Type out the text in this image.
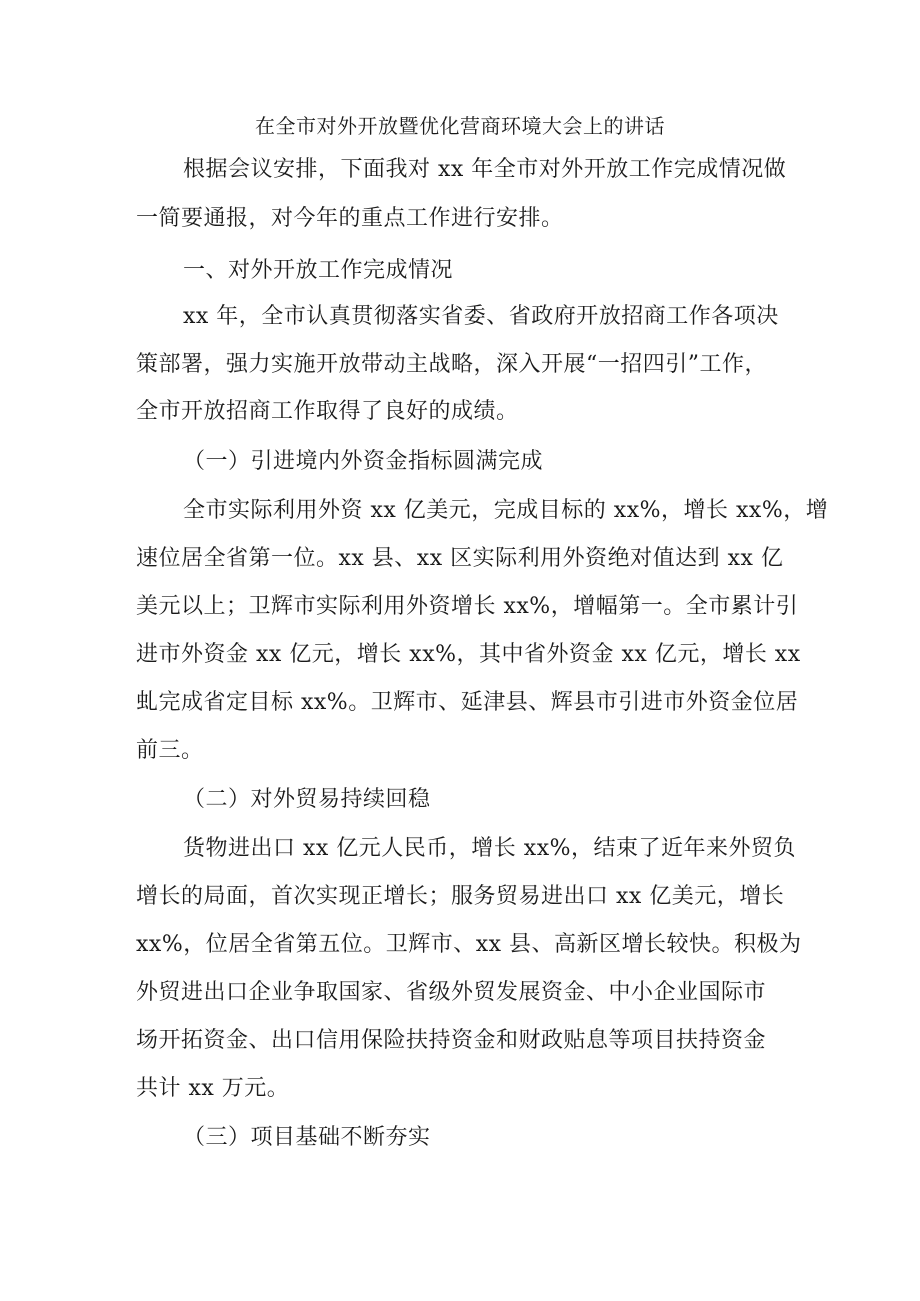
在全市对外开放暨优化营商环境大会上的讲话
根据会议安排，下面我对 xx 年全市对外开放工作完成情况做
一简要通报，对今年的重点工作进行安排。
一、对外开放工作完成情况
xx 年，全市认真贯彻落实省委、省政府开放招商工作各项决
策部署，强力实施开放带动主战略，深入开展“一招四引”工作，
全市开放招商工作取得了良好的成绩。
（一）引进境内外资金指标圆满完成
全市实际利用外资 xx 亿美元，完成目标的 xx%，增长 xx%，增
速位居全省第一位。xx 县、xx 区实际利用外资绝对值达到 xx 亿
美元以上；卫辉市实际利用外资增长 xx%，增幅第一。全市累计引
进市外资金 xx 亿元，增长 xx%，其中省外资金 xx 亿元，增长 xx
虬完成省定目标 xx%。卫辉市、延津县、辉县市引进市外资金位居
前三。
（二）对外贸易持续回稳
货物进出口 xx 亿元人民币，增长 xx%，结束了近年来外贸负
增长的局面，首次实现正增长；服务贸易进出口 xx 亿美元，增长
xx%，位居全省第五位。卫辉市、xx 县、高新区增长较快。积极为
外贸进出口企业争取国家、省级外贸发展资金、中小企业国际市
场开拓资金、出口信用保险扶持资金和财政贴息等项目扶持资金
共计 xx 万元。
（三）项目基础不断夯实
